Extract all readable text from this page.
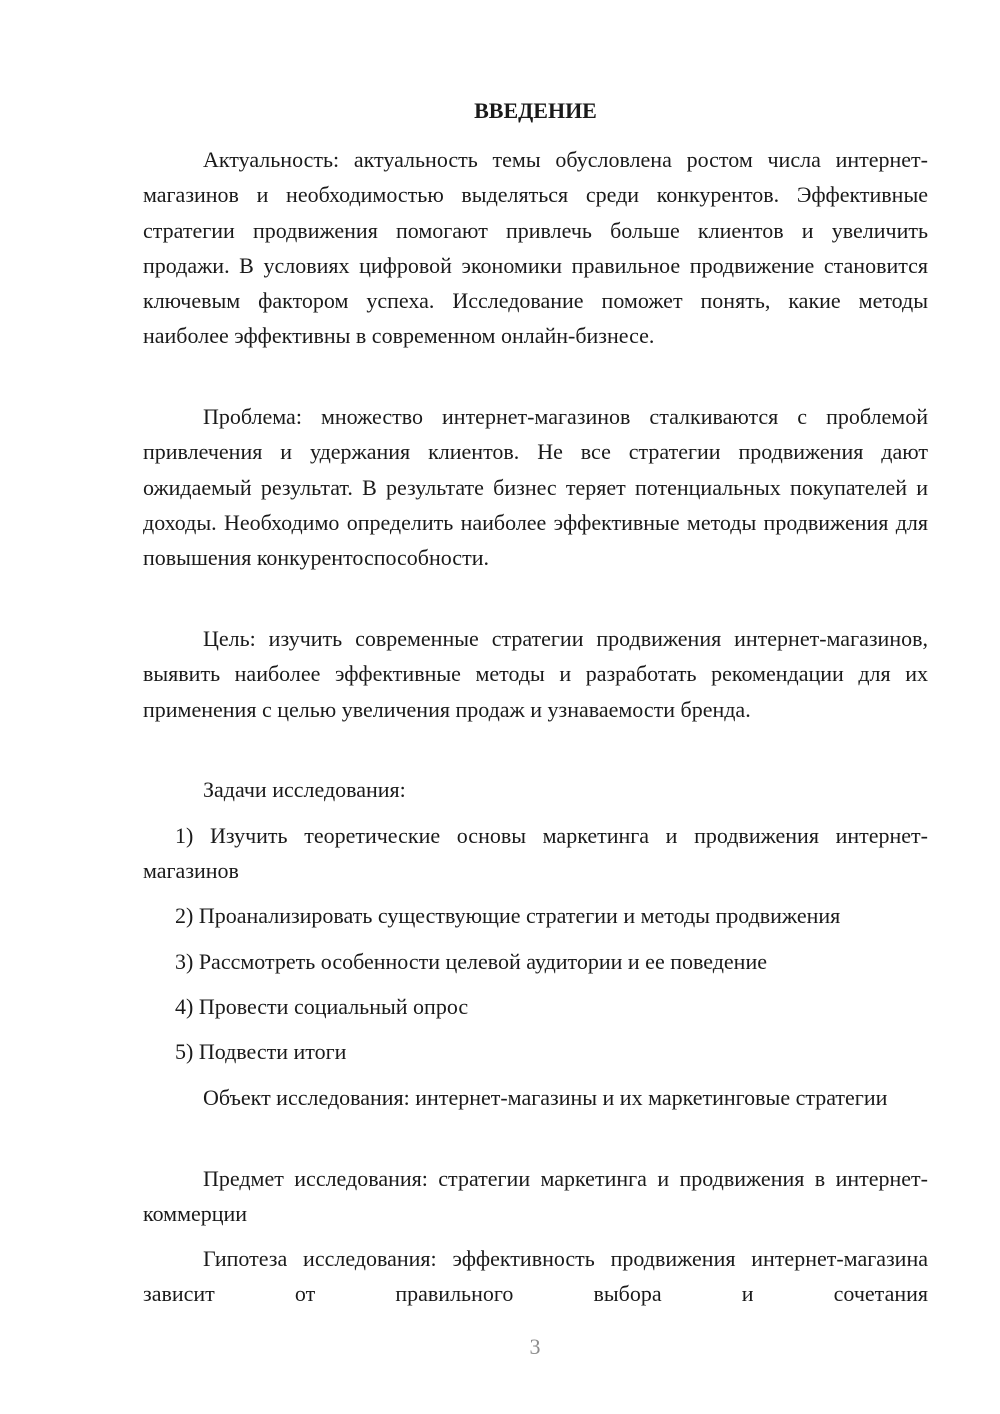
ВВЕДЕНИЕ

Актуальность: актуальность темы обусловлена ростом числа интернет-магазинов и необходимостью выделяться среди конкурентов. Эффективные стратегии продвижения помогают привлечь больше клиентов и увеличить продажи. В условиях цифровой экономики правильное продвижение становится ключевым фактором успеха. Исследование поможет понять, какие методы наиболее эффективны в современном онлайн-бизнесе.

Проблема: множество интернет-магазинов сталкиваются с проблемой привлечения и удержания клиентов. Не все стратегии продвижения дают ожидаемый результат. В результате бизнес теряет потенциальных покупателей и доходы. Необходимо определить наиболее эффективные методы продвижения для повышения конкурентоспособности.

Цель: изучить современные стратегии продвижения интернет-магазинов, выявить наиболее эффективные методы и разработать рекомендации для их применения с целью увеличения продаж и узнаваемости бренда.

Задачи исследования:

1) Изучить теоретические основы маркетинга и продвижения интернет-магазинов

2) Проанализировать существующие стратегии и методы продвижения

3) Рассмотреть особенности целевой аудитории и ее поведение

4) Провести социальный опрос

5) Подвести итоги

Объект исследования: интернет-магазины и их маркетинговые стратегии

Предмет исследования: стратегии маркетинга и продвижения в интернет-коммерции

Гипотеза исследования: эффективность продвижения интернет-магазина зависит от правильного выбора и сочетания

3
